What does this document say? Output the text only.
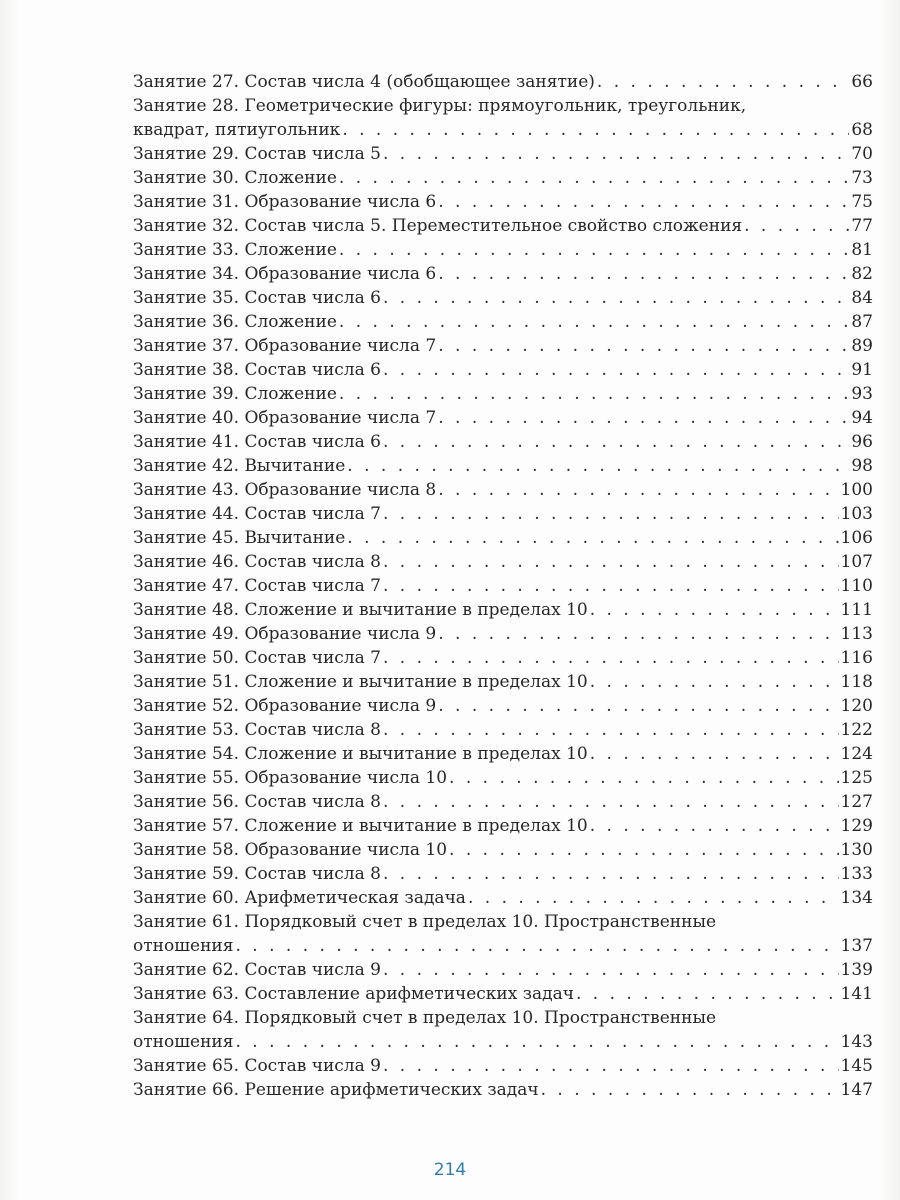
Занятие 27. Состав числа 4 (обобщающее занятие) . . .	66
Занятие 28. Геометрические фигуры: прямоугольник, треугольник,
квадрат, пятиугольник . . .	68
Занятие 29. Состав числа 5 . . .	70
Занятие 30. Сложение . . .	73
Занятие 31. Образование числа 6 . . .	75
Занятие 32. Состав числа 5. Переместительное свойство сложения . . .	77
Занятие 33. Сложение . . .	81
Занятие 34. Образование числа 6 . . .	82
Занятие 35. Состав числа 6 . . .	84
Занятие 36. Сложение . . .	87
Занятие 37. Образование числа 7 . . .	89
Занятие 38. Состав числа 6 . . .	91
Занятие 39. Сложение . . .	93
Занятие 40. Образование числа 7 . . .	94
Занятие 41. Состав числа 6 . . .	96
Занятие 42. Вычитание . . .	98
Занятие 43. Образование числа 8 . . .	100
Занятие 44. Состав числа 7 . . .	103
Занятие 45. Вычитание . . .	106
Занятие 46. Состав числа 8 . . .	107
Занятие 47. Состав числа 7 . . .	110
Занятие 48. Сложение и вычитание в пределах 10 . . .	111
Занятие 49. Образование числа 9 . . .	113
Занятие 50. Состав числа 7 . . .	116
Занятие 51. Сложение и вычитание в пределах 10 . . .	118
Занятие 52. Образование числа 9 . . .	120
Занятие 53. Состав числа 8 . . .	122
Занятие 54. Сложение и вычитание в пределах 10 . . .	124
Занятие 55. Образование числа 10 . . .	125
Занятие 56. Состав числа 8 . . .	127
Занятие 57. Сложение и вычитание в пределах 10 . . .	129
Занятие 58. Образование числа 10 . . .	130
Занятие 59. Состав числа 8 . . .	133
Занятие 60. Арифметическая задача . . .	134
Занятие 61. Порядковый счет в пределах 10. Пространственные
отношения . . .	137
Занятие 62. Состав числа 9 . . .	139
Занятие 63. Составление арифметических задач . . .	141
Занятие 64. Порядковый счет в пределах 10. Пространственные
отношения . . .	143
Занятие 65. Состав числа 9 . . .	145
Занятие 66. Решение арифметических задач . . .	147
214
